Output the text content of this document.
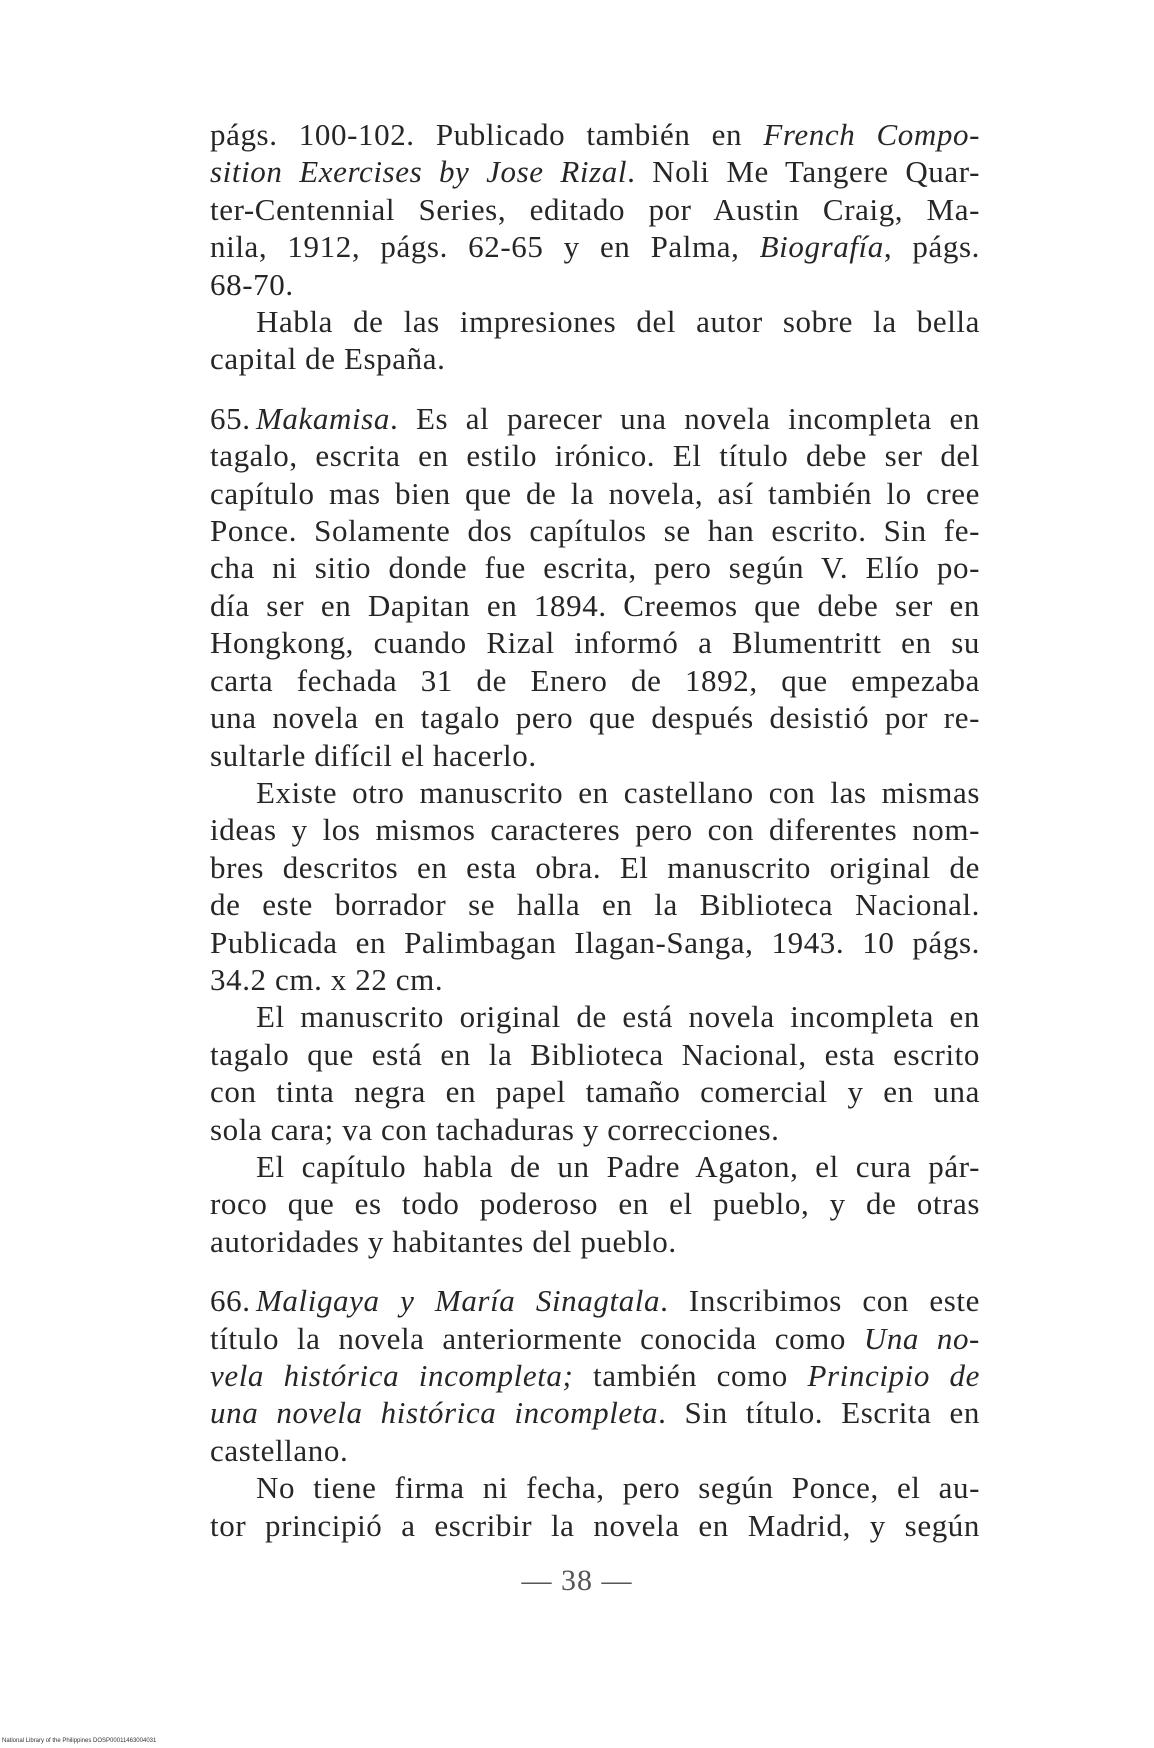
págs. 100-102. Publicado también en French Compo-
sition Exercises by Jose Rizal. Noli Me Tangere Quar-
ter-Centennial Series, editado por Austin Craig, Ma-
nila, 1912, págs. 62-65 y en Palma, Biografía, págs.
68-70.
Habla de las impresiones del autor sobre la bella
capital de España.
65. Makamisa. Es al parecer una novela incompleta en
tagalo, escrita en estilo irónico. El título debe ser del
capítulo mas bien que de la novela, así también lo cree
Ponce. Solamente dos capítulos se han escrito. Sin fe-
cha ni sitio donde fue escrita, pero según V. Elío po-
día ser en Dapitan en 1894. Creemos que debe ser en
Hongkong, cuando Rizal informó a Blumentritt en su
carta fechada 31 de Enero de 1892, que empezaba
una novela en tagalo pero que después desistió por re-
sultarle difícil el hacerlo.
Existe otro manuscrito en castellano con las mismas
ideas y los mismos caracteres pero con diferentes nom-
bres descritos en esta obra. El manuscrito original de
de este borrador se halla en la Biblioteca Nacional.
Publicada en Palimbagan Ilagan-Sanga, 1943. 10 págs.
34.2 cm. x 22 cm.
El manuscrito original de está novela incompleta en
tagalo que está en la Biblioteca Nacional, esta escrito
con tinta negra en papel tamaño comercial y en una
sola cara; va con tachaduras y correcciones.
El capítulo habla de un Padre Agaton, el cura pár-
roco que es todo poderoso en el pueblo, y de otras
autoridades y habitantes del pueblo.
66. Maligaya y María Sinagtala. Inscribimos con este
título la novela anteriormente conocida como Una no-
vela histórica incompleta; también como Principio de
una novela histórica incompleta. Sin título. Escrita en
castellano.
No tiene firma ni fecha, pero según Ponce, el au-
tor principió a escribir la novela en Madrid, y según
— 38 —
National Library of the Philippines DOSP00011463004031
